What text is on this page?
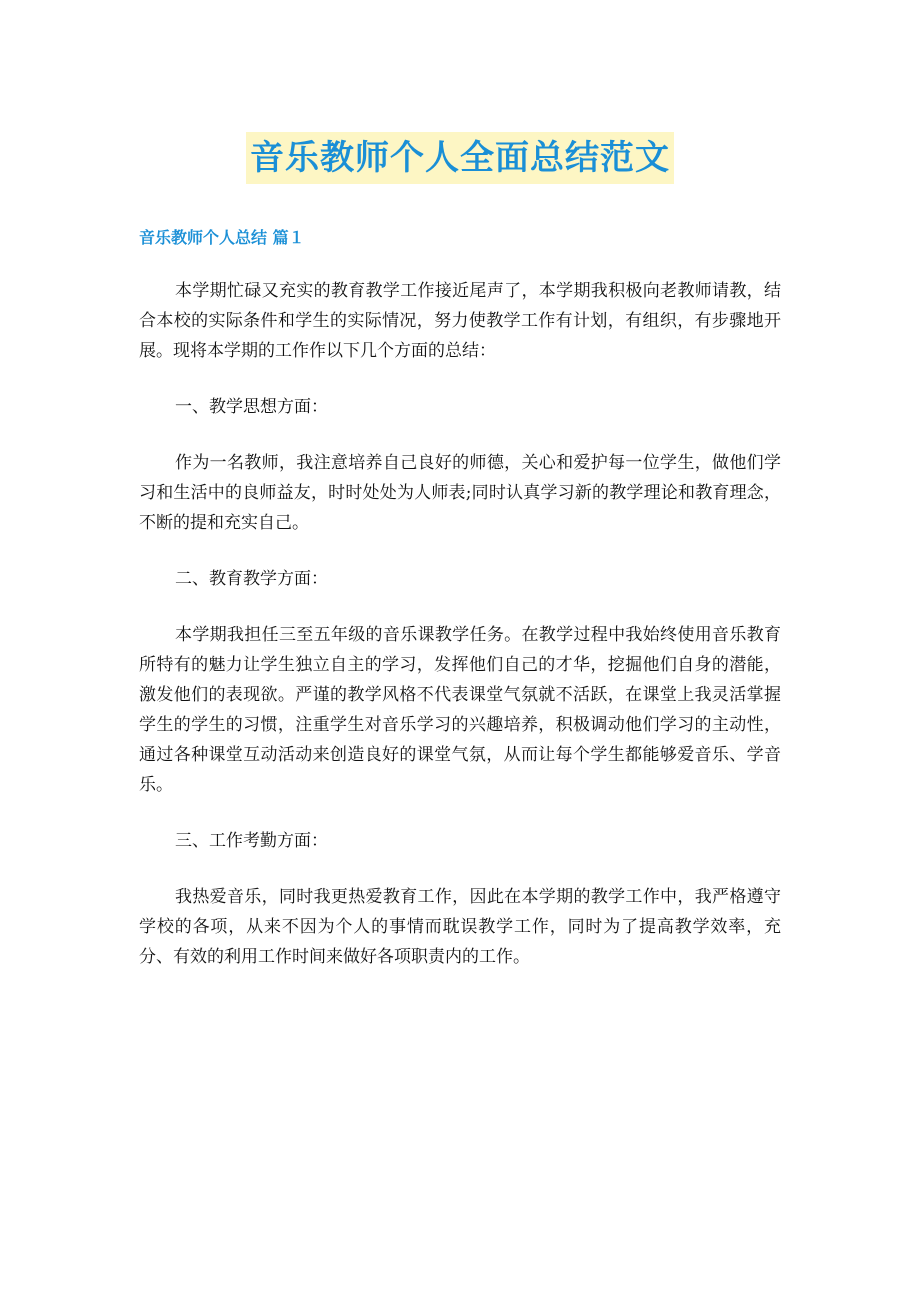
音乐教师个人全面总结范文
音乐教师个人总结 篇１

本学期忙碌又充实的教育教学工作接近尾声了，本学期我积极向老教师请教，结合本校的实际条件和学生的实际情况，努力使教学工作有计划，有组织，有步骤地开展。现将本学期的工作作以下几个方面的总结：

一、教学思想方面：

作为一名教师，我注意培养自己良好的师德，关心和爱护每一位学生，做他们学习和生活中的良师益友，时时处处为人师表;同时认真学习新的教学理论和教育理念，不断的提和充实自己。

二、教育教学方面：

本学期我担任三至五年级的音乐课教学任务。在教学过程中我始终使用音乐教育所特有的魅力让学生独立自主的学习，发挥他们自己的才华，挖掘他们自身的潜能，激发他们的表现欲。严谨的教学风格不代表课堂气氛就不活跃，在课堂上我灵活掌握学生的学生的习惯，注重学生对音乐学习的兴趣培养，积极调动他们学习的主动性，通过各种课堂互动活动来创造良好的课堂气氛，从而让每个学生都能够爱音乐、学音乐。

三、工作考勤方面：

我热爱音乐，同时我更热爱教育工作，因此在本学期的教学工作中，我严格遵守学校的各项，从来不因为个人的事情而耽误教学工作，同时为了提高教学效率，充分、有效的利用工作时间来做好各项职责内的工作。
